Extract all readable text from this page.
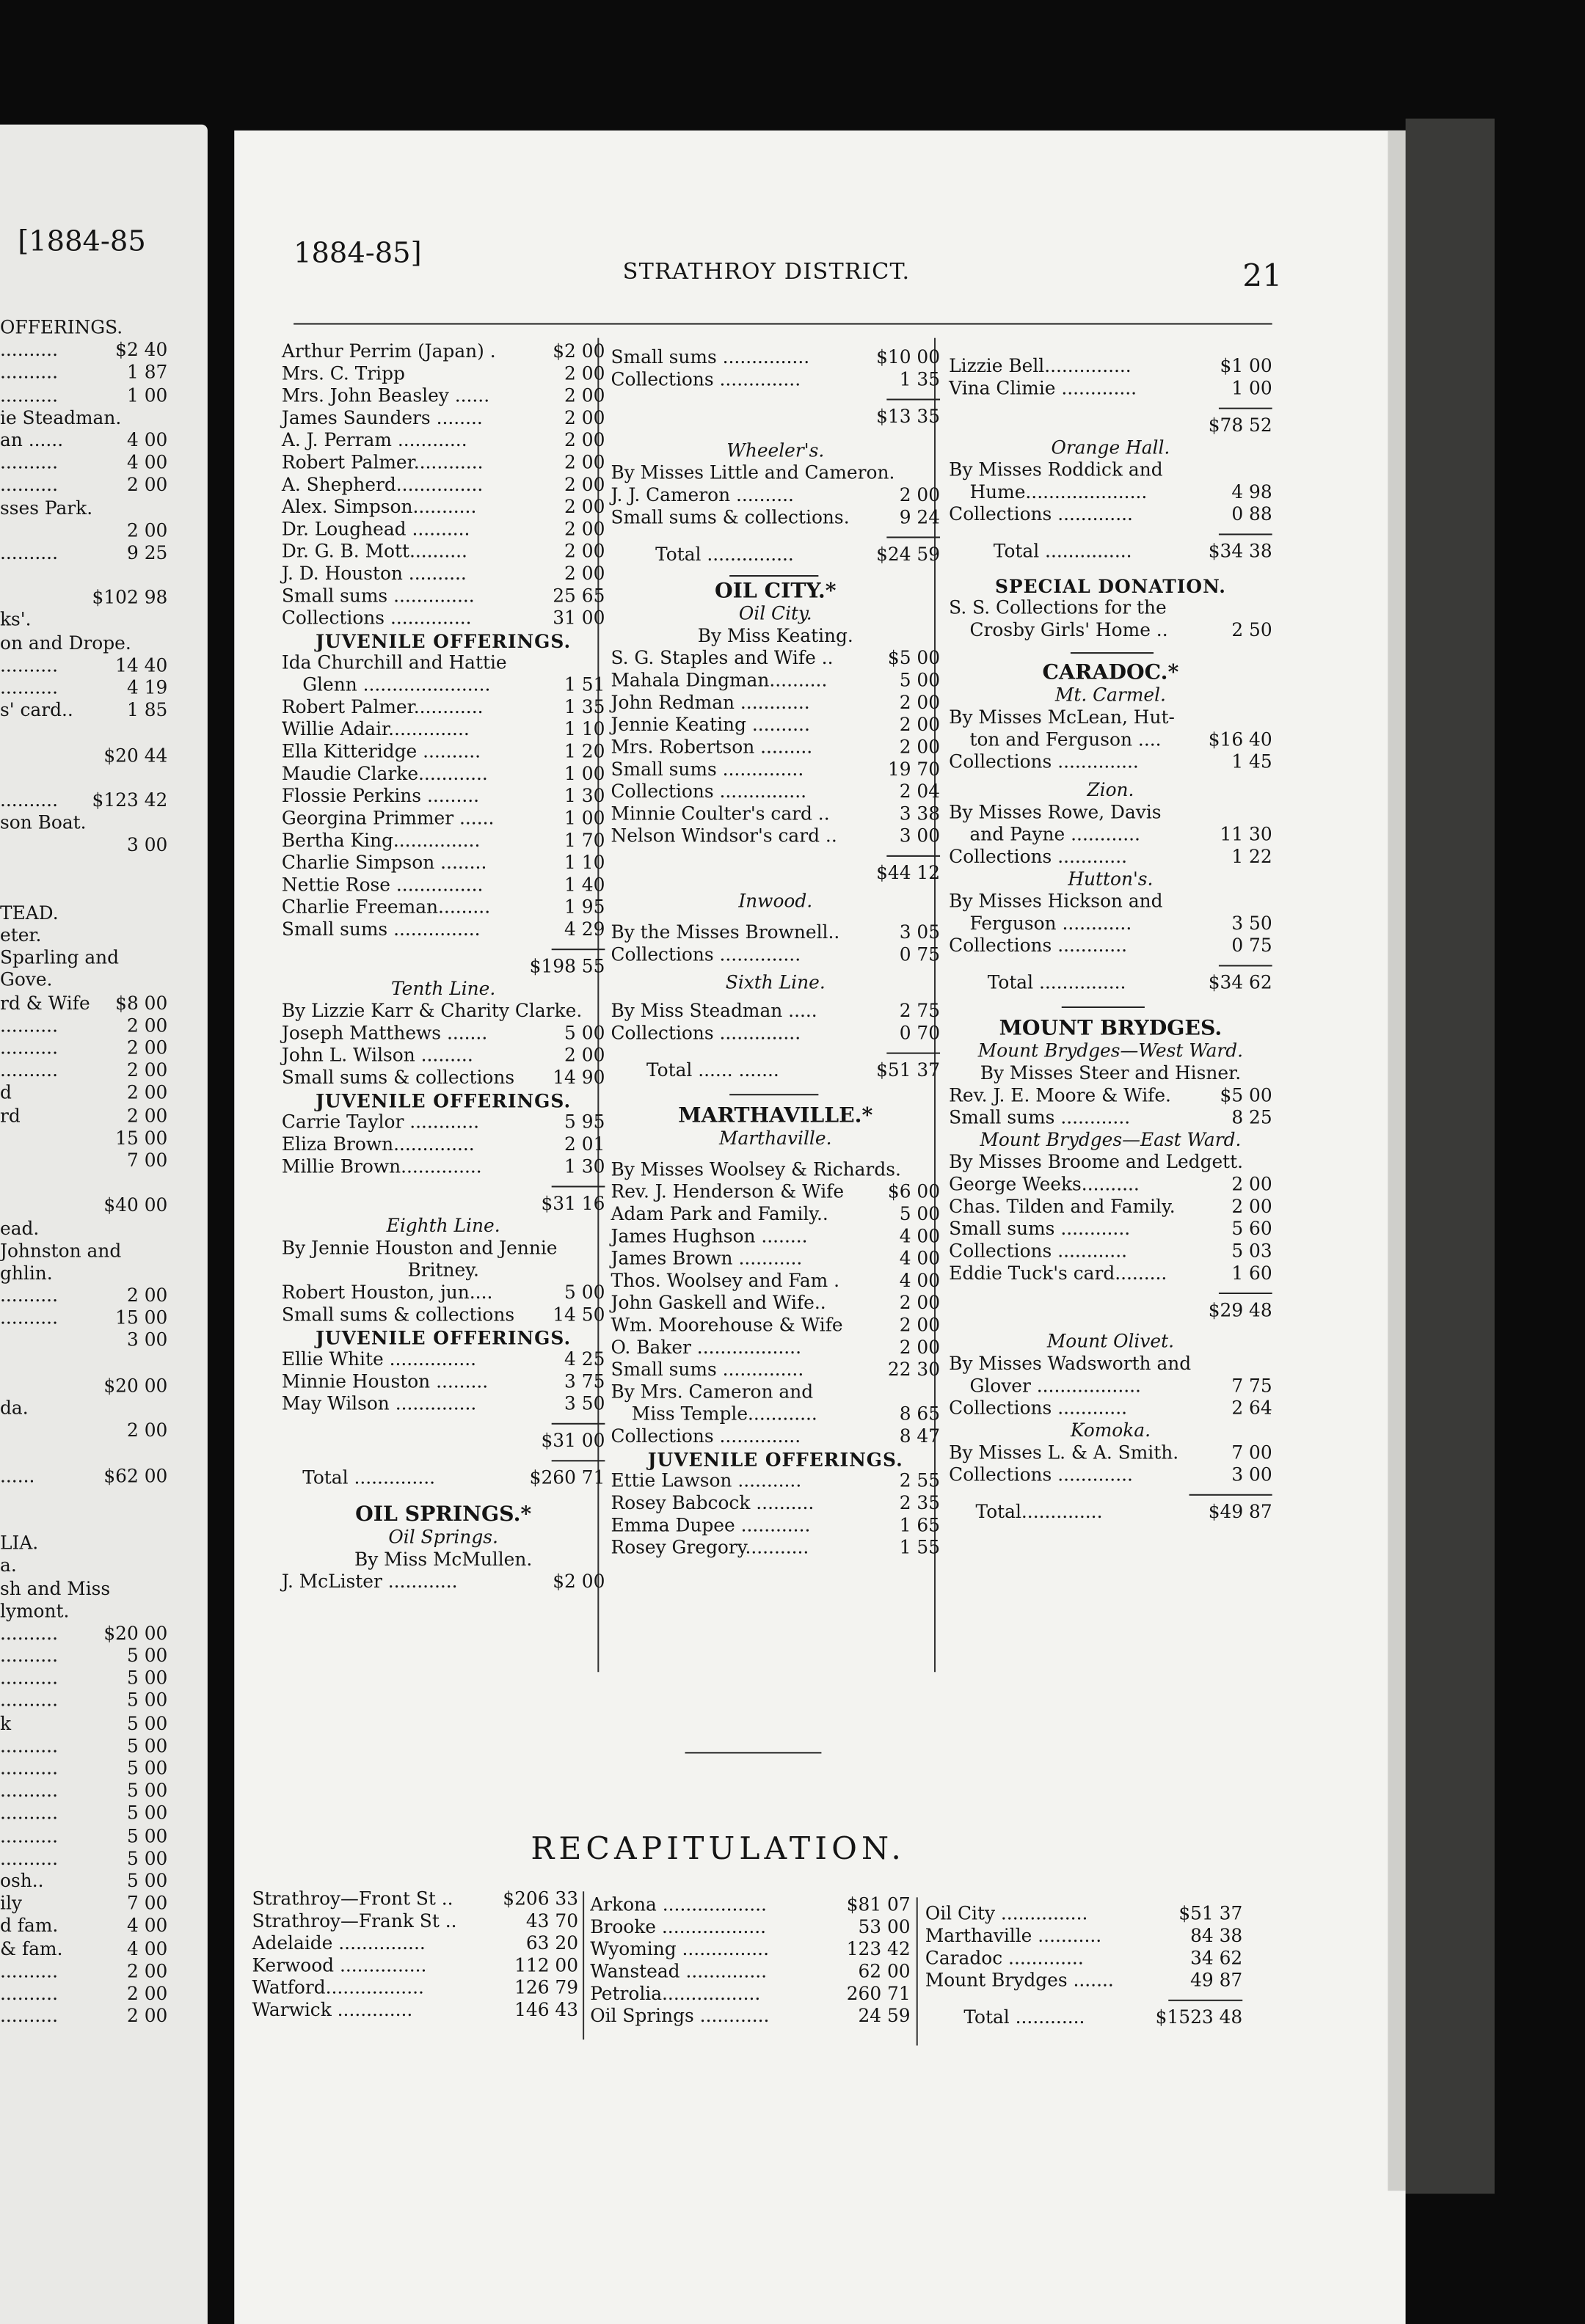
[1884-85
OFFERINGS.
..........	$2 40
..........	1 87
..........	1 00
ie Steadman.
an ......	4 00
..........	4 00
..........	2 00
sses Park.
2 00
..........	9 25
$102 98
ks'.
on and Drope.
..........	14 40
..........	4 19
s' card..	1 85
$20 44
..........	$123 42
son Boat.
3 00
TEAD.
eter.
Sparling and
Gove.
rd & Wife	$8 00
..........	2 00
..........	2 00
..........	2 00
d	2 00
rd	2 00
15 00
7 00
$40 00
ead.
Johnston and
ghlin.
..........	2 00
..........	15 00
3 00
$20 00
da.
2 00
......	$62 00
LIA.
a.
sh and Miss
lymont.
..........	$20 00
..........	5 00
..........	5 00
..........	5 00
k	5 00
..........	5 00
..........	5 00
..........	5 00
..........	5 00
..........	5 00
..........	5 00
osh..	5 00
ily	7 00
d fam.	4 00
& fam.	4 00
..........	2 00
..........	2 00
..........	2 00
1884-85]
STRATHROY DISTRICT.	21
Arthur Perrim (Japan) .	$2 00
Mrs. C. Tripp	2 00
Mrs. John Beasley ......	2 00
James Saunders ........	2 00
A. J. Perram ............	2 00
Robert Palmer............	2 00
A. Shepherd...............	2 00
Alex. Simpson...........	2 00
Dr. Loughead ..........	2 00
Dr. G. B. Mott..........	2 00
J. D. Houston ..........	2 00
Small sums ..............	25 65
Collections ..............	31 00
JUVENILE OFFERINGS.
Ida Churchill and Hattie
Glenn ......................	1 51
Robert Palmer............	1 35
Willie Adair..............	1 10
Ella Kitteridge ..........	1 20
Maudie Clarke............	1 00
Flossie Perkins .........	1 30
Georgina Primmer ......	1 00
Bertha King...............	1 70
Charlie Simpson ........	1 10
Nettie Rose ...............	1 40
Charlie Freeman.........	1 95
Small sums ...............	4 29
$198 55
Tenth Line.
By Lizzie Karr & Charity Clarke.
Joseph Matthews .......	5 00
John L. Wilson .........	2 00
Small sums & collections	14 90
JUVENILE OFFERINGS.
Carrie Taylor ............	5 95
Eliza Brown..............	2 01
Millie Brown..............	1 30
$31 16
Eighth Line.
By Jennie Houston and Jennie
Britney.
Robert Houston, jun....	5 00
Small sums & collections	14 50
JUVENILE OFFERINGS.
Ellie White ...............	4 25
Minnie Houston .........	3 75
May Wilson ..............	3 50
$31 00
Total ..............	$260 71
OIL SPRINGS.*
Oil Springs.
By Miss McMullen.
J. McLister ............	$2 00
Small sums ...............	$10 00
Collections ..............	1 35
$13 35
Wheeler's.
By Misses Little and Cameron.
J. J. Cameron ..........	2 00
Small sums & collections.	9 24
Total ...............	$24 59
OIL CITY.*
Oil City.
By Miss Keating.
S. G. Staples and Wife ..	$5 00
Mahala Dingman..........	5 00
John Redman ............	2 00
Jennie Keating ..........	2 00
Mrs. Robertson .........	2 00
Small sums ..............	19 70
Collections ...............	2 04
Minnie Coulter's card ..	3 38
Nelson Windsor's card ..	3 00
$44 12
Inwood.
By the Misses Brownell..	3 05
Collections ..............	0 75
Sixth Line.
By Miss Steadman .....	2 75
Collections ..............	0 70
Total ...... .......	$51 37
MARTHAVILLE.*
Marthaville.
By Misses Woolsey & Richards.
Rev. J. Henderson & Wife	$6 00
Adam Park and Family..	5 00
James Hughson ........	4 00
James Brown ...........	4 00
Thos. Woolsey and Fam .	4 00
John Gaskell and Wife..	2 00
Wm. Moorehouse & Wife	2 00
O. Baker ..................	2 00
Small sums ..............	22 30
By Mrs. Cameron and
Miss Temple............	8 65
Collections ..............	8 47
JUVENILE OFFERINGS.
Ettie Lawson ...........	2 55
Rosey Babcock ..........	2 35
Emma Dupee ............	1 65
Rosey Gregory...........	1 55
Lizzie Bell...............	$1 00
Vina Climie .............	1 00
$78 52
Orange Hall.
By Misses Roddick and
Hume.....................	4 98
Collections .............	0 88
Total ...............	$34 38
SPECIAL DONATION.
S. S. Collections for the
Crosby Girls' Home ..	2 50
CARADOC.*
Mt. Carmel.
By Misses McLean, Hut-
ton and Ferguson ....	$16 40
Collections ..............	1 45
Zion.
By Misses Rowe, Davis
and Payne ............	11 30
Collections ............	1 22
Hutton's.
By Misses Hickson and
Ferguson ............	3 50
Collections ............	0 75
Total ...............	$34 62
MOUNT BRYDGES.
Mount Brydges—West Ward.
By Misses Steer and Hisner.
Rev. J. E. Moore & Wife.	$5 00
Small sums ............	8 25
Mount Brydges—East Ward.
By Misses Broome and Ledgett.
George Weeks..........	2 00
Chas. Tilden and Family.	2 00
Small sums ............	5 60
Collections ............	5 03
Eddie Tuck's card.........	1 60
$29 48
Mount Olivet.
By Misses Wadsworth and
Glover ..................	7 75
Collections ............	2 64
Komoka.
By Misses L. & A. Smith.	7 00
Collections .............	3 00
Total..............	$49 87
RECAPITULATION.
Strathroy—Front St ..	$206 33
Strathroy—Frank St ..	43 70
Adelaide ...............	63 20
Kerwood ...............	112 00
Watford.................	126 79
Warwick .............	146 43
Arkona ..................	$81 07
Brooke ..................	53 00
Wyoming ...............	123 42
Wanstead ..............	62 00
Petrolia.................	260 71
Oil Springs ............	24 59
Oil City ...............	$51 37
Marthaville ...........	84 38
Caradoc .............	34 62
Mount Brydges .......	49 87
Total ............	$1523 48
